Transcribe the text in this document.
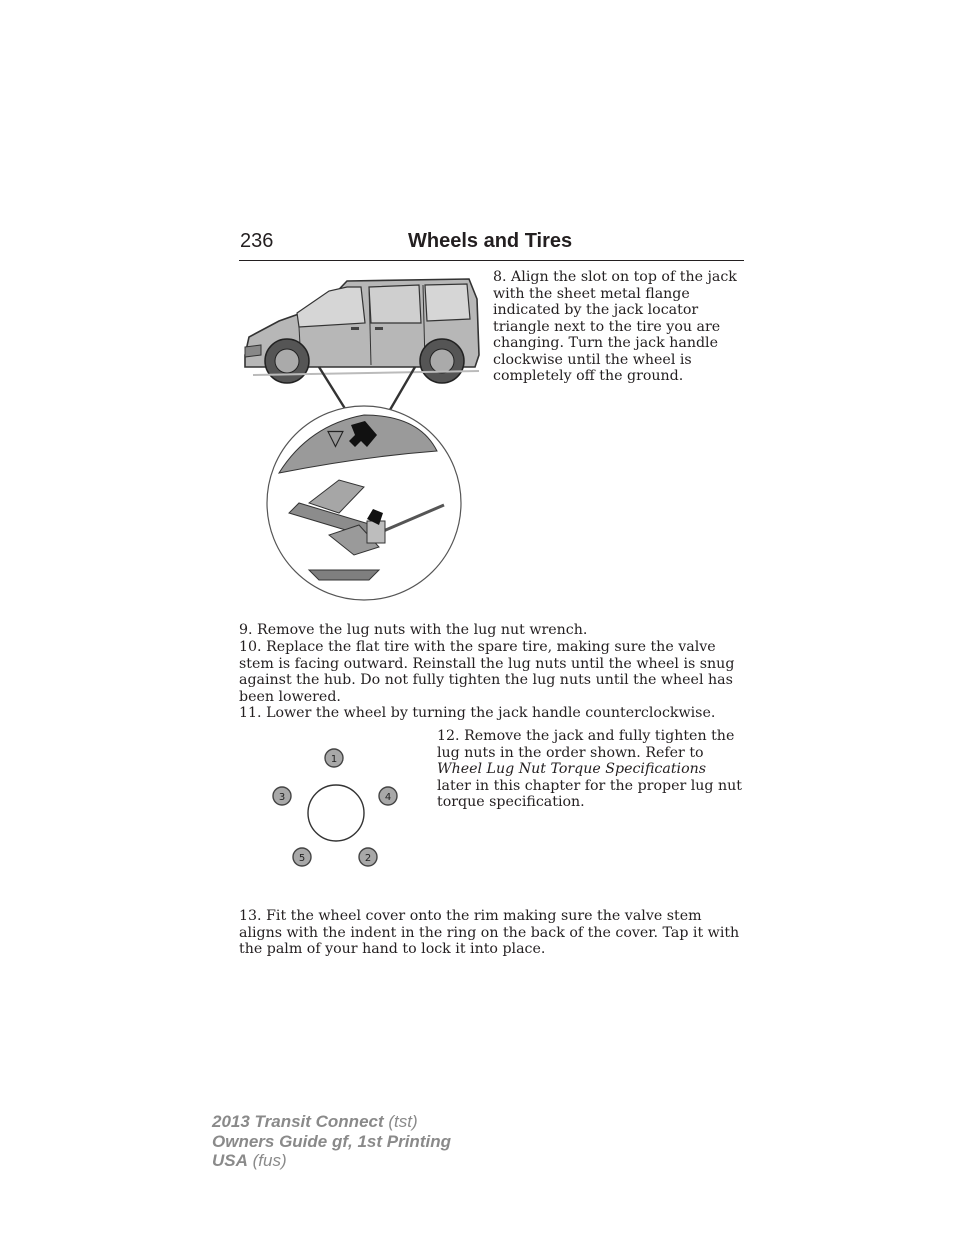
236	Wheels and Tires
▽
8. Align the slot on top of the jack with the sheet metal flange indicated by the jack locator triangle next to the tire you are changing. Turn the jack handle clockwise until the wheel is completely off the ground.
9. Remove the lug nuts with the lug nut wrench.
10. Replace the flat tire with the spare tire, making sure the valve stem is facing outward. Reinstall the lug nuts until the wheel is snug against the hub. Do not fully tighten the lug nuts until the wheel has been lowered.
11. Lower the wheel by turning the jack handle counterclockwise.
1
2
3	4
5
12. Remove the jack and fully tighten the lug nuts in the order shown. Refer to Wheel Lug Nut Torque Specifications later in this chapter for the proper lug nut torque specification.
13. Fit the wheel cover onto the rim making sure the valve stem aligns with the indent in the ring on the back of the cover. Tap it with the palm of your hand to lock it into place.
2013 Transit Connect (tst)
Owners Guide gf, 1st Printing
USA (fus)
